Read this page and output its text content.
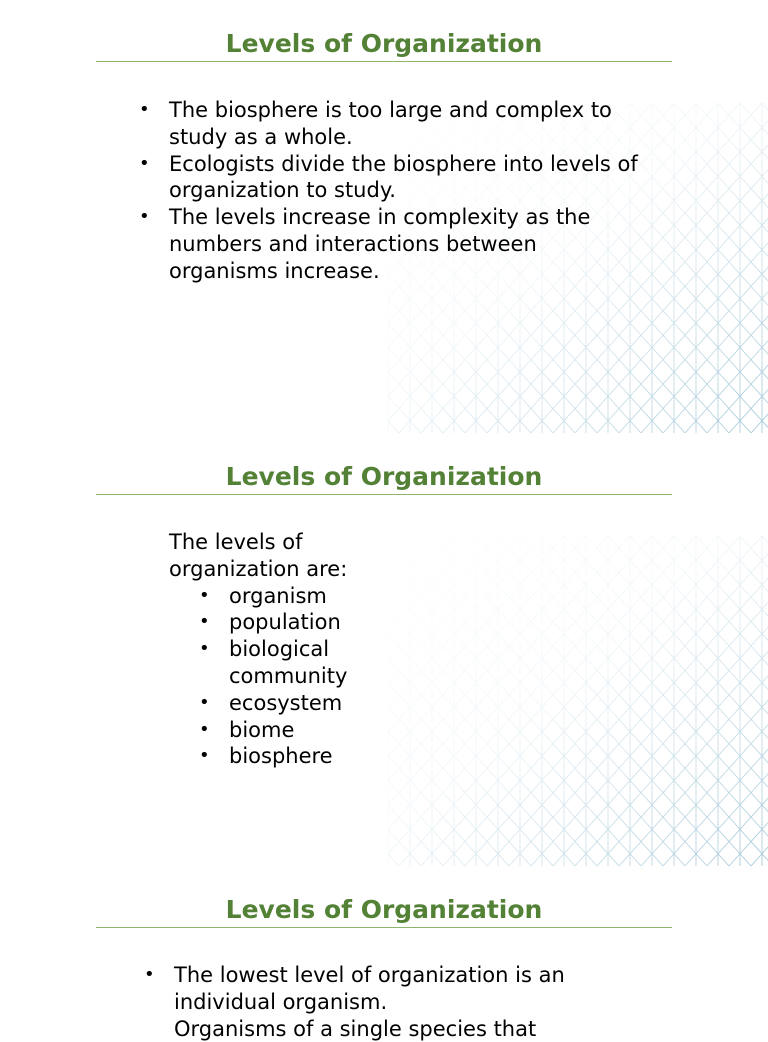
Levels of Organization
• The biosphere is too large and complex to study as a whole.
• Ecologists divide the biosphere into levels of organization to study.
• The levels increase in complexity as the numbers and interactions between organisms increase.
Levels of Organization
The levels of organization are:
• organism
• population
• biological community
• ecosystem
• biome
• biosphere
Levels of Organization
• The lowest level of organization is an individual organism.
Organisms of a single species that
